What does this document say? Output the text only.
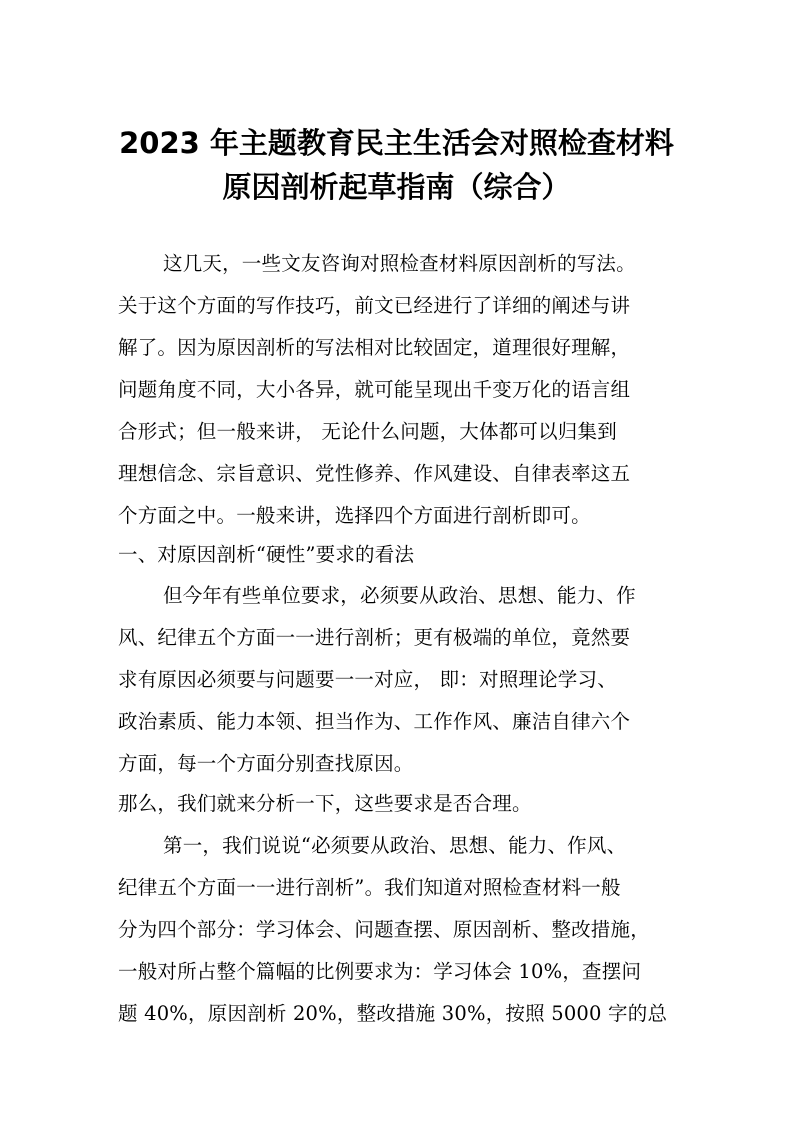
2023 年主题教育民主生活会对照检查材料
原因剖析起草指南（综合）
这几天，一些文友咨询对照检查材料原因剖析的写法。
关于这个方面的写作技巧，前文已经进行了详细的阐述与讲
解了。因为原因剖析的写法相对比较固定，道理很好理解，
问题角度不同，大小各异，就可能呈现出千变万化的语言组
合形式；但一般来讲， 无论什么问题，大体都可以归集到
理想信念、宗旨意识、党性修养、作风建设、自律表率这五
个方面之中。一般来讲，选择四个方面进行剖析即可。
一、对原因剖析“硬性”要求的看法
但今年有些单位要求，必须要从政治、思想、能力、作
风、纪律五个方面一一进行剖析；更有极端的单位，竟然要
求有原因必须要与问题要一一对应， 即：对照理论学习、
政治素质、能力本领、担当作为、工作作风、廉洁自律六个
方面，每一个方面分别查找原因。
那么，我们就来分析一下，这些要求是否合理。
第一，我们说说“必须要从政治、思想、能力、作风、
纪律五个方面一一进行剖析”。我们知道对照检查材料一般
分为四个部分：学习体会、问题查摆、原因剖析、整改措施，
一般对所占整个篇幅的比例要求为：学习体会 10%，查摆问
题 40%，原因剖析 20%，整改措施 30%，按照 5000 字的总
